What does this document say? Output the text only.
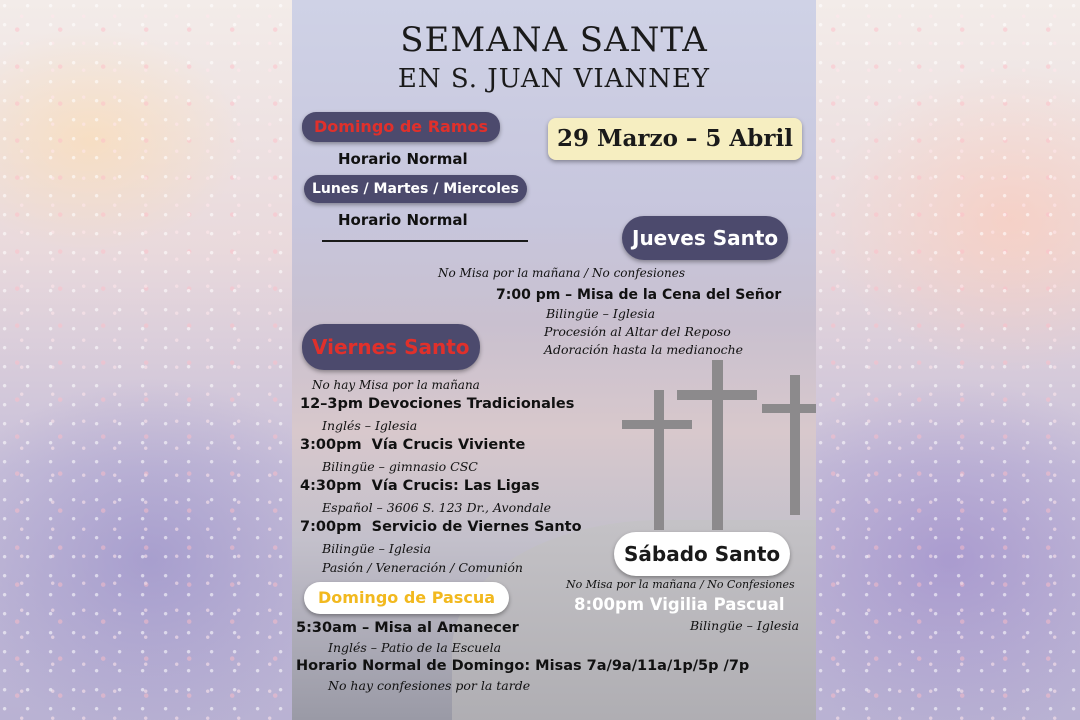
SEMANA SANTA
EN S. JUAN VIANNEY
Domingo de Ramos
Horario Normal
29 Marzo – 5 Abril
Lunes / Martes / Miercoles
Horario Normal
Jueves Santo
No Misa por la mañana / No confesiones
7:00 pm – Misa de la Cena del Señor
Bilingüe – Iglesia
Procesión al Altar del Reposo
Adoración hasta la medianoche
Viernes Santo
No hay Misa por la mañana
12–3pm Devociones Tradicionales
Inglés – Iglesia
3:00pm  Vía Crucis Viviente
Bilingüe – gimnasio CSC
4:30pm  Vía Crucis: Las Ligas
Español – 3606 S. 123 Dr., Avondale
7:00pm  Servicio de Viernes Santo
Bilingüe – Iglesia
Pasión / Veneración / Comunión
Sábado Santo
No Misa por la mañana / No Confesiones
8:00pm Vigilia Pascual
Bilingüe – Iglesia
Domingo de Pascua
5:30am – Misa al Amanecer
Inglés – Patio de la Escuela
Horario Normal de Domingo: Misas 7a/9a/11a/1p/5p /7p
No hay confesiones por la tarde
